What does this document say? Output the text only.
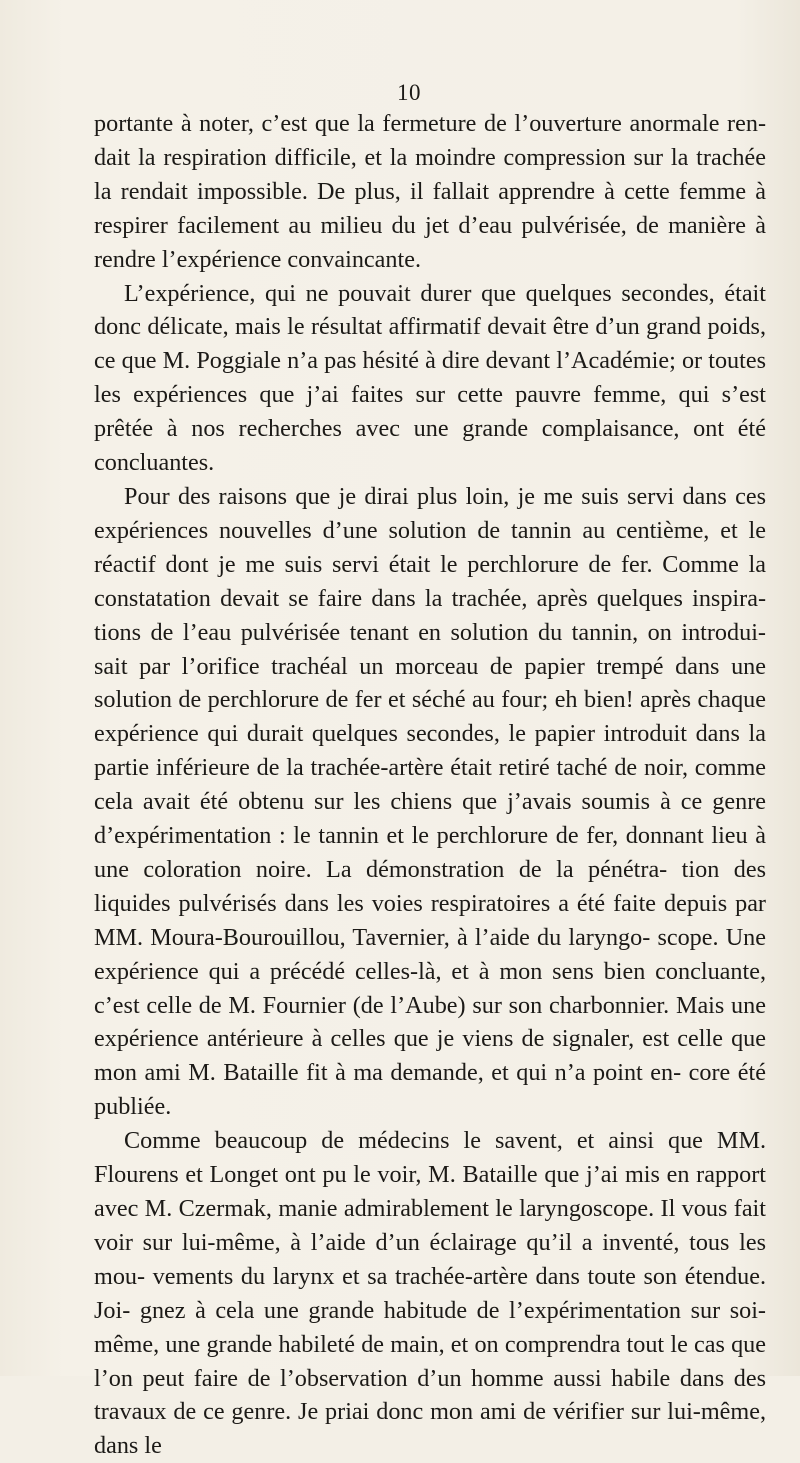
10

portante à noter, c’est que la fermeture de l’ouverture anormale ren- dait la respiration difficile, et la moindre compression sur la trachée la rendait impossible. De plus, il fallait apprendre à cette femme à respirer facilement au milieu du jet d’eau pulvérisée, de manière à rendre l’expérience convaincante.

L’expérience, qui ne pouvait durer que quelques secondes, était donc délicate, mais le résultat affirmatif devait être d’un grand poids, ce que M. Poggiale n’a pas hésité à dire devant l’Académie; or toutes les expériences que j’ai faites sur cette pauvre femme, qui s’est prêtée à nos recherches avec une grande complaisance, ont été concluantes.

Pour des raisons que je dirai plus loin, je me suis servi dans ces expériences nouvelles d’une solution de tannin au centième, et le réactif dont je me suis servi était le perchlorure de fer. Comme la constatation devait se faire dans la trachée, après quelques inspira- tions de l’eau pulvérisée tenant en solution du tannin, on introdui- sait par l’orifice trachéal un morceau de papier trempé dans une solution de perchlorure de fer et séché au four; eh bien! après chaque expérience qui durait quelques secondes, le papier introduit dans la partie inférieure de la trachée-artère était retiré taché de noir, comme cela avait été obtenu sur les chiens que j’avais soumis à ce genre d’expérimentation : le tannin et le perchlorure de fer, donnant lieu à une coloration noire. La démonstration de la pénétra- tion des liquides pulvérisés dans les voies respiratoires a été faite depuis par MM. Moura-Bourouillou, Tavernier, à l’aide du laryngo- scope. Une expérience qui a précédé celles-là, et à mon sens bien concluante, c’est celle de M. Fournier (de l’Aube) sur son charbonnier. Mais une expérience antérieure à celles que je viens de signaler, est celle que mon ami M. Bataille fit à ma demande, et qui n’a point en- core été publiée.

Comme beaucoup de médecins le savent, et ainsi que MM. Flourens et Longet ont pu le voir, M. Bataille que j’ai mis en rapport avec M. Czermak, manie admirablement le laryngoscope. Il vous fait voir sur lui-même, à l’aide d’un éclairage qu’il a inventé, tous les mou- vements du larynx et sa trachée-artère dans toute son étendue. Joi- gnez à cela une grande habitude de l’expérimentation sur soi-même, une grande habileté de main, et on comprendra tout le cas que l’on peut faire de l’observation d’un homme aussi habile dans des travaux de ce genre. Je priai donc mon ami de vérifier sur lui-même, dans le
